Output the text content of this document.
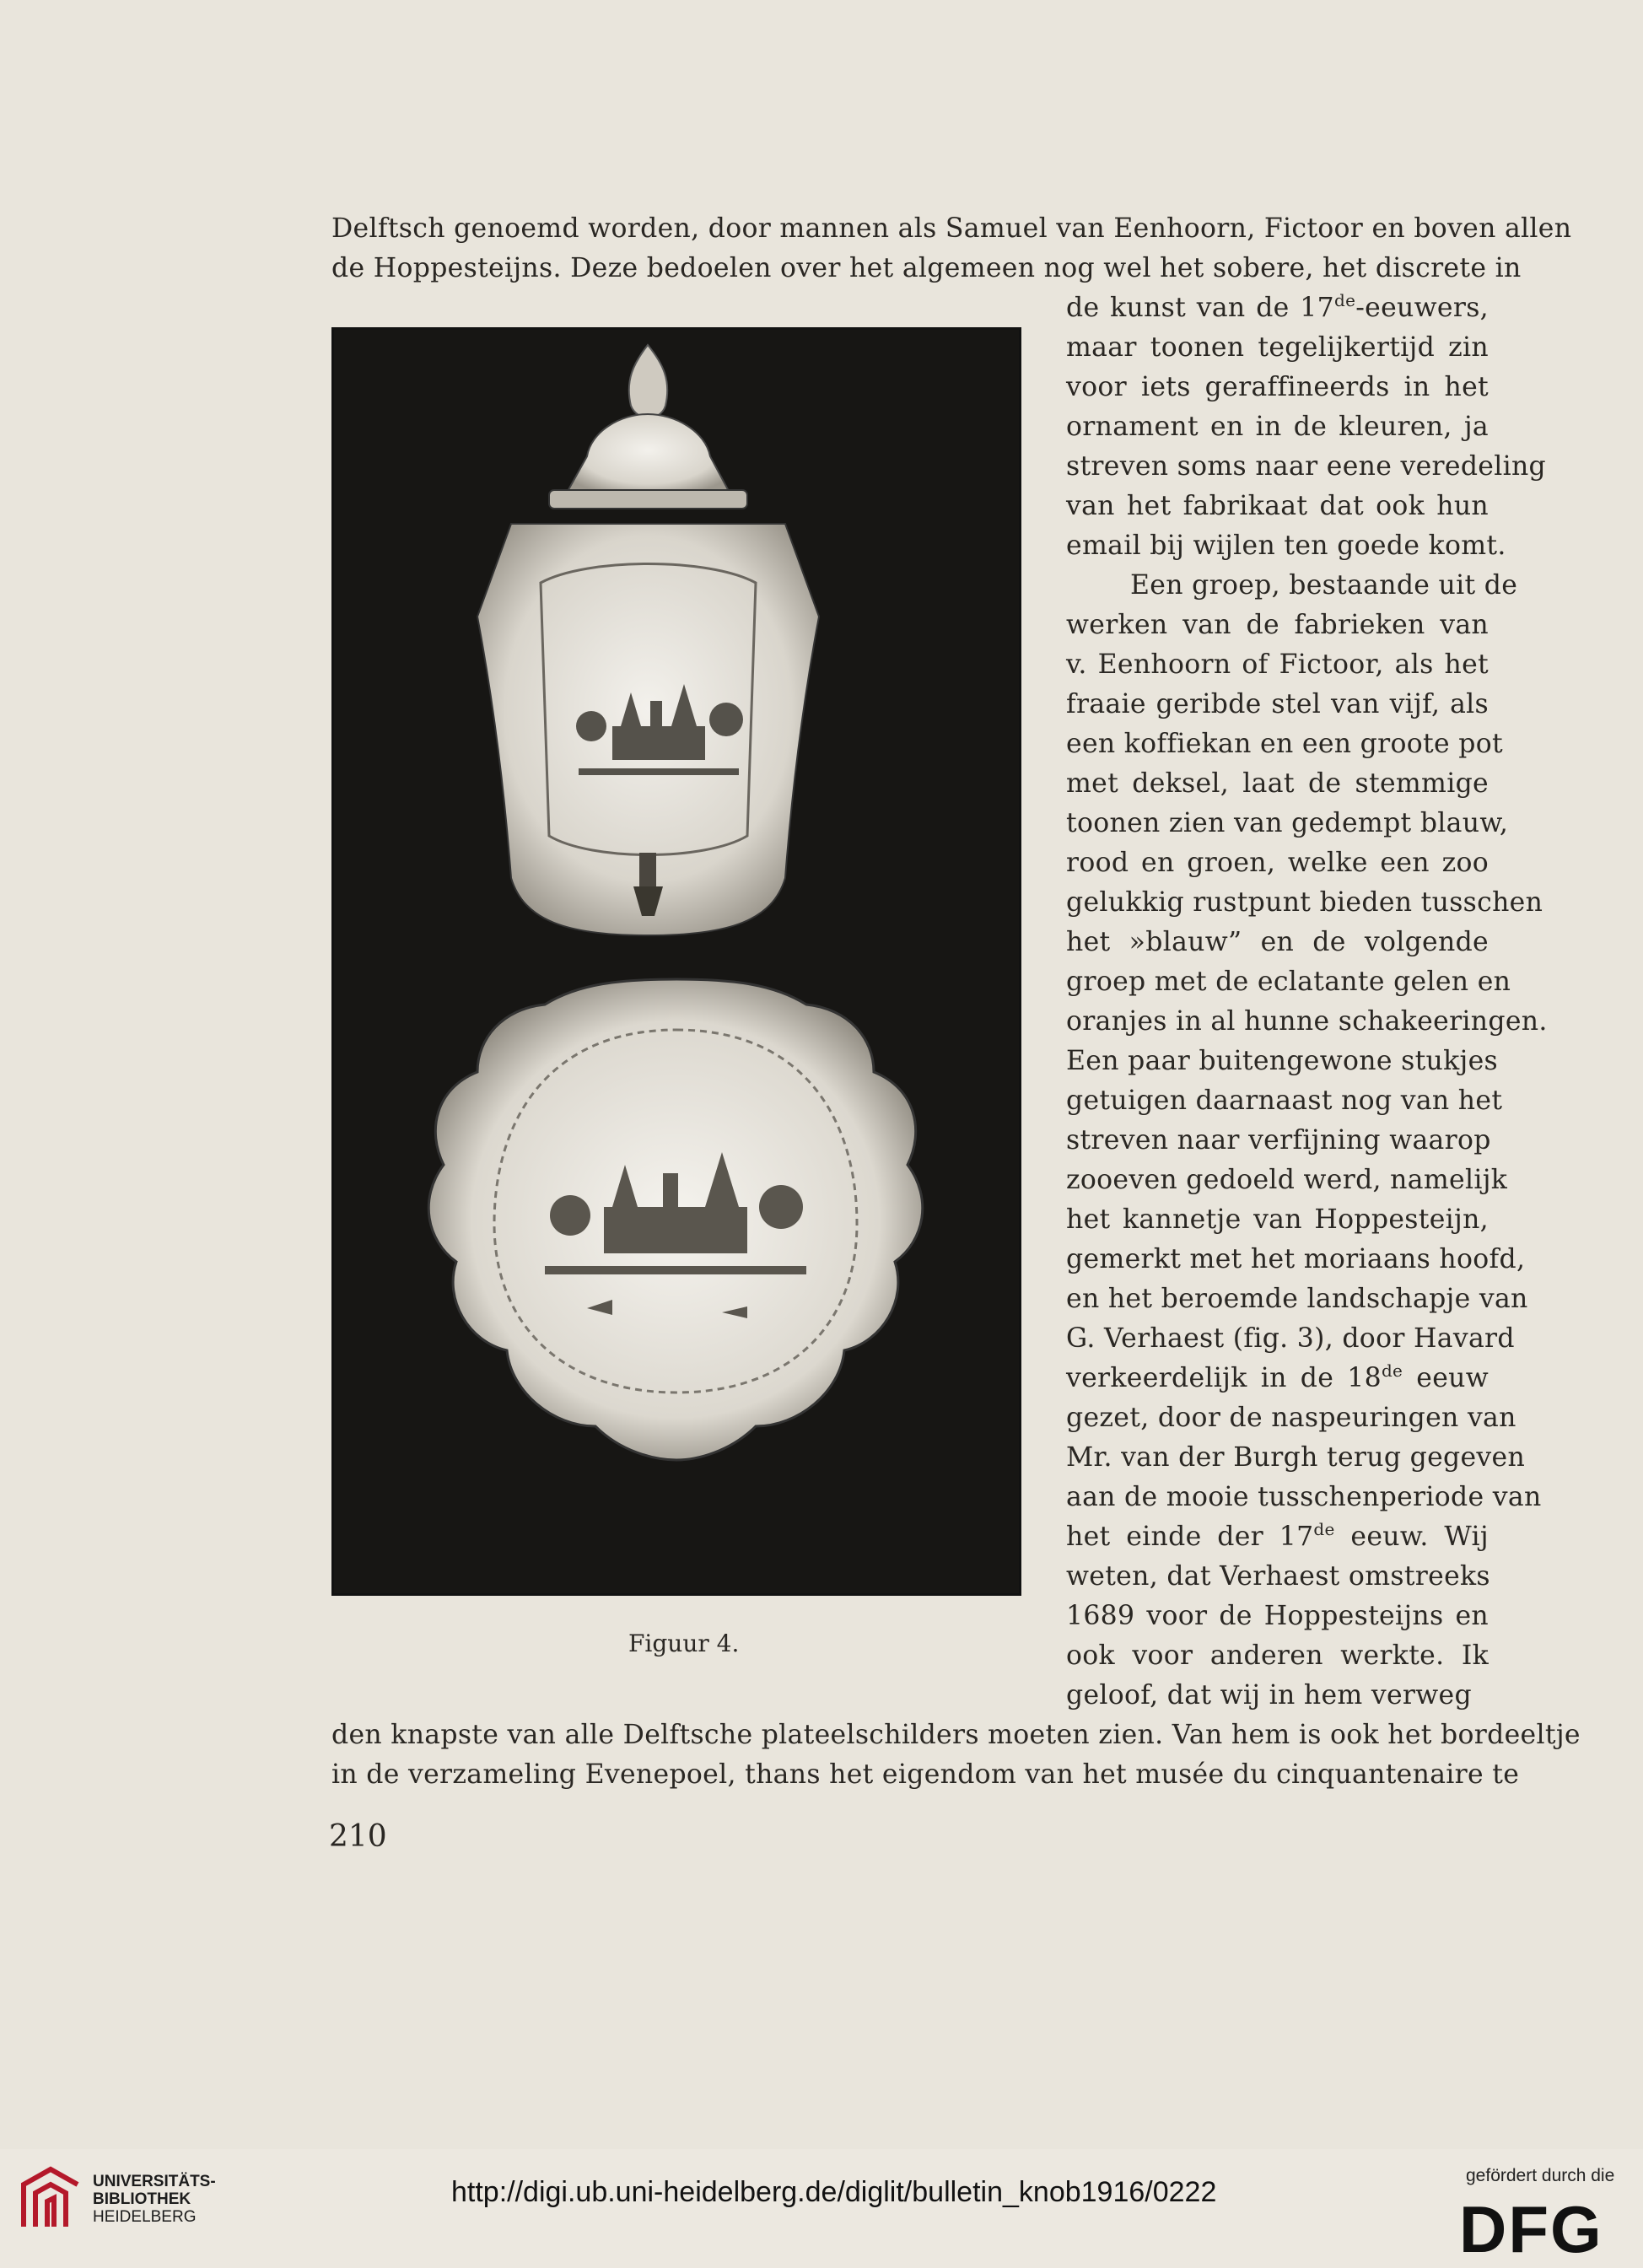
Delftsch genoemd worden, door mannen als Samuel van Eenhoorn, Fictoor en boven allen
de Hoppesteijns. Deze bedoelen over het algemeen nog wel het sobere, het discrete in
de kunst van de 17de-eeuwers,
maar toonen tegelijkertijd zin
voor iets geraffineerds in het
ornament en in de kleuren, ja
streven soms naar eene veredeling
van het fabrikaat dat ook hun
email bij wijlen ten goede komt.
Een groep, bestaande uit de
werken van de fabrieken van
v. Eenhoorn of Fictoor, als het
fraaie geribde stel van vijf, als
een koffiekan en een groote pot
met deksel, laat de stemmige
toonen zien van gedempt blauw,
rood en groen, welke een zoo
gelukkig rustpunt bieden tusschen
het »blauw” en de volgende
groep met de eclatante gelen en
oranjes in al hunne schakeeringen.
Een paar buitengewone stukjes
getuigen daarnaast nog van het
streven naar verfijning waarop
zooeven gedoeld werd, namelijk
het kannetje van Hoppesteijn,
gemerkt met het moriaans hoofd,
en het beroemde landschapje van
G. Verhaest (fig. 3), door Havard
verkeerdelijk in de 18de eeuw
gezet, door de naspeuringen van
Mr. van der Burgh terug gegeven
aan de mooie tusschenperiode van
het einde der 17de eeuw. Wij
weten, dat Verhaest omstreeks
1689 voor de Hoppesteijns en
ook voor anderen werkte. Ik
geloof, dat wij in hem verweg
den knapste van alle Delftsche plateelschilders moeten zien. Van hem is ook het bordeeltje
in de verzameling Evenepoel, thans het eigendom van het musée du cinquantenaire te
Figuur 4.
210
UNIVERSITÄTS-
BIBLIOTHEK
HEIDELBERG
http://digi.ub.uni-heidelberg.de/diglit/bulletin_knob1916/0222
gefördert durch die
DFG
